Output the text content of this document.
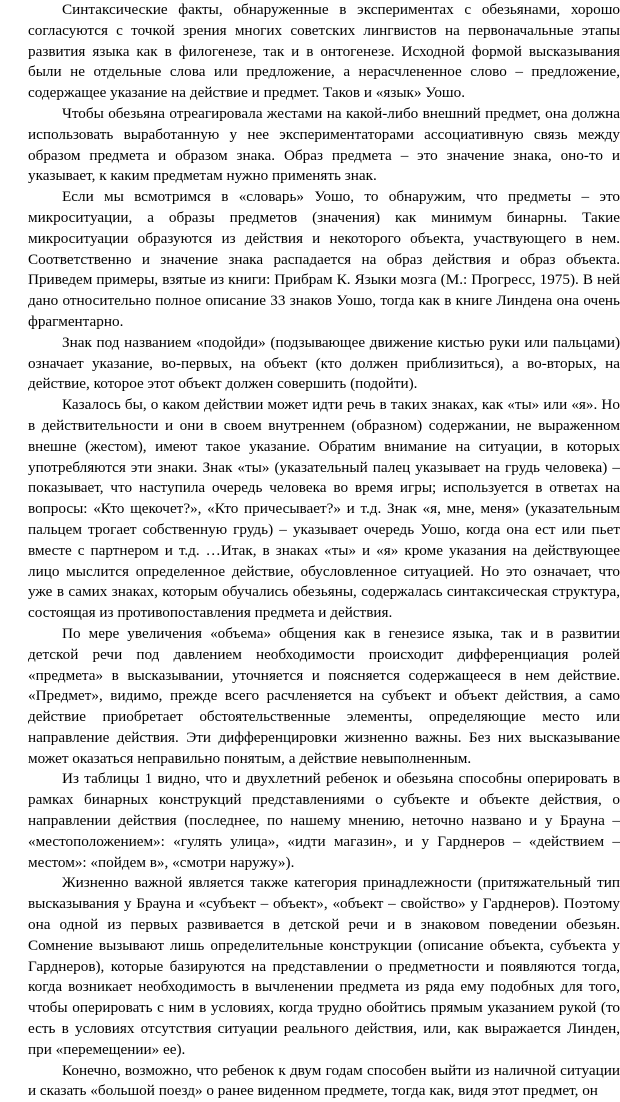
Синтаксические факты, обнаруженные в экспериментах с обезьянами, хорошо согласуются с точкой зрения многих советских лингвистов на первоначальные этапы развития языка как в филогенезе, так и в онтогенезе. Исходной формой высказывания были не отдельные слова или предложение, а нерасчлененное слово – предложение, содержащее указание на действие и предмет. Таков и «язык» Уошо.

Чтобы обезьяна отреагировала жестами на какой-либо внешний предмет, она должна использовать выработанную у нее экспериментаторами ассоциативную связь между образом предмета и образом знака. Образ предмета – это значение знака, оно-то и указывает, к каким предметам нужно применять знак.

Если мы всмотримся в «словарь» Уошо, то обнаружим, что предметы – это микроситуации, а образы предметов (значения) как минимум бинарны. Такие микроситуации образуются из действия и некоторого объекта, участвующего в нем. Соответственно и значение знака распадается на образ действия и образ объекта. Приведем примеры, взятые из книги: Прибрам К. Языки мозга (М.: Прогресс, 1975). В ней дано относительно полное описание 33 знаков Уошо, тогда как в книге Линдена она очень фрагментарно.

Знак под названием «подойди» (подзывающее движение кистью руки или пальцами) означает указание, во-первых, на объект (кто должен приблизиться), а во-вторых, на действие, которое этот объект должен совершить (подойти).

Казалось бы, о каком действии может идти речь в таких знаках, как «ты» или «я». Но в действительности и они в своем внутреннем (образном) содержании, не выраженном внешне (жестом), имеют такое указание. Обратим внимание на ситуации, в которых употребляются эти знаки. Знак «ты» (указательный палец указывает на грудь человека) – показывает, что наступила очередь человека во время игры; используется в ответах на вопросы: «Кто щекочет?», «Кто причесывает?» и т.д. Знак «я, мне, меня» (указательным пальцем трогает собственную грудь) – указывает очередь Уошо, когда она ест или пьет вместе с партнером и т.д. …Итак, в знаках «ты» и «я» кроме указания на действующее лицо мыслится определенное действие, обусловленное ситуацией. Но это означает, что уже в самих знаках, которым обучались обезьяны, содержалась синтаксическая структура, состоящая из противопоставления предмета и действия.

По мере увеличения «объема» общения как в генезисе языка, так и в развитии детской речи под давлением необходимости происходит дифференциация ролей «предмета» в высказывании, уточняется и поясняется содержащееся в нем действие. «Предмет», видимо, прежде всего расчленяется на субъект и объект действия, а само действие приобретает обстоятельственные элементы, определяющие место или направление действия. Эти дифференцировки жизненно важны. Без них высказывание может оказаться неправильно понятым, а действие невыполненным.

Из таблицы 1 видно, что и двухлетний ребенок и обезьяна способны оперировать в рамках бинарных конструкций представлениями о субъекте и объекте действия, о направлении действия (последнее, по нашему мнению, неточно названо и у Брауна – «местоположением»: «гулять улица», «идти магазин», и у Гарднеров – «действием – местом»: «пойдем в», «смотри наружу»).

Жизненно важной является также категория принадлежности (притяжательный тип высказывания у Брауна и «субъект – объект», «объект – свойство» у Гарднеров). Поэтому она одной из первых развивается в детской речи и в знаковом поведении обезьян. Сомнение вызывают лишь определительные конструкции (описание объекта, субъекта у Гарднеров), которые базируются на представлении о предметности и появляются тогда, когда возникает необходимость в вычленении предмета из ряда ему подобных для того, чтобы оперировать с ним в условиях, когда трудно обойтись прямым указанием рукой (то есть в условиях отсутствия ситуации реального действия, или, как выражается Линден, при «перемещении» ее).

Конечно, возможно, что ребенок к двум годам способен выйти из наличной ситуации и сказать «большой поезд» о ранее виденном предмете, тогда как, видя этот предмет, он
